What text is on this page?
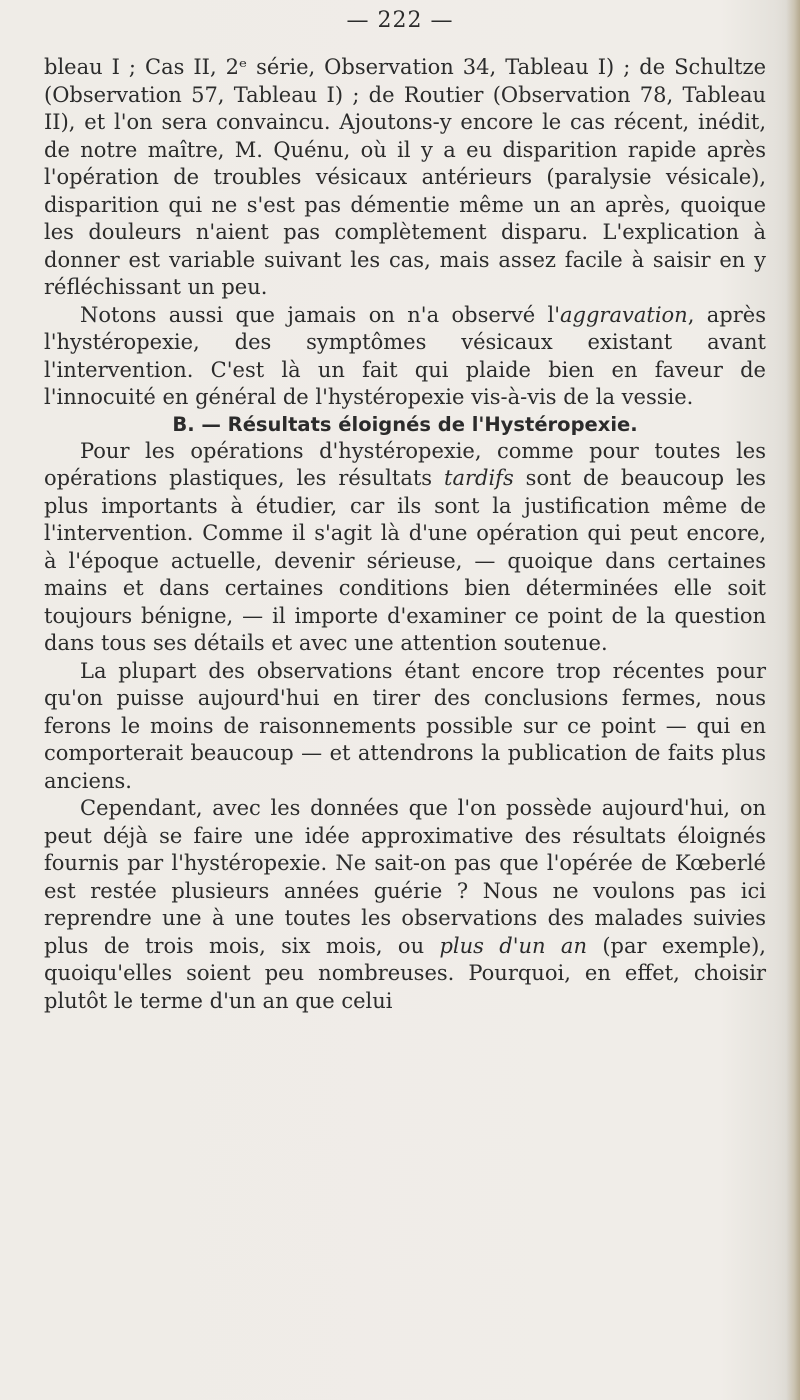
— 222 —

bleau I ; Cas II, 2ᵉ série, Observation 34, Tableau I) ; de Schultze (Observation 57, Tableau I) ; de Routier (Observation 78, Tableau II), et l'on sera convaincu. Ajoutons-y encore le cas récent, inédit, de notre maître, M. Quénu, où il y a eu disparition rapide après l'opération de troubles vésicaux antérieurs (paralysie vésicale), disparition qui ne s'est pas démentie même un an après, quoique les douleurs n'aient pas complètement disparu. L'explication à donner est variable suivant les cas, mais assez facile à saisir en y réfléchissant un peu.

Notons aussi que jamais on n'a observé l'aggravation, après l'hystéropexie, des symptômes vésicaux existant avant l'intervention. C'est là un fait qui plaide bien en faveur de l'innocuité en général de l'hystéropexie vis-à-vis de la vessie.

B. — Résultats éloignés de l'Hystéropexie.

Pour les opérations d'hystéropexie, comme pour toutes les opérations plastiques, les résultats tardifs sont de beaucoup les plus importants à étudier, car ils sont la justification même de l'intervention. Comme il s'agit là d'une opération qui peut encore, à l'époque actuelle, devenir sérieuse, — quoique dans certaines mains et dans certaines conditions bien déterminées elle soit toujours bénigne, — il importe d'examiner ce point de la question dans tous ses détails et avec une attention soutenue.

La plupart des observations étant encore trop récentes pour qu'on puisse aujourd'hui en tirer des conclusions fermes, nous ferons le moins de raisonnements possible sur ce point — qui en comporterait beaucoup — et attendrons la publication de faits plus anciens.

Cependant, avec les données que l'on possède aujourd'hui, on peut déjà se faire une idée approximative des résultats éloignés fournis par l'hystéropexie. Ne sait-on pas que l'opérée de Kœberlé est restée plusieurs années guérie ? Nous ne voulons pas ici reprendre une à une toutes les observations des malades suivies plus de trois mois, six mois, ou plus d'un an (par exemple), quoiqu'elles soient peu nombreuses. Pourquoi, en effet, choisir plutôt le terme d'un an que celui
